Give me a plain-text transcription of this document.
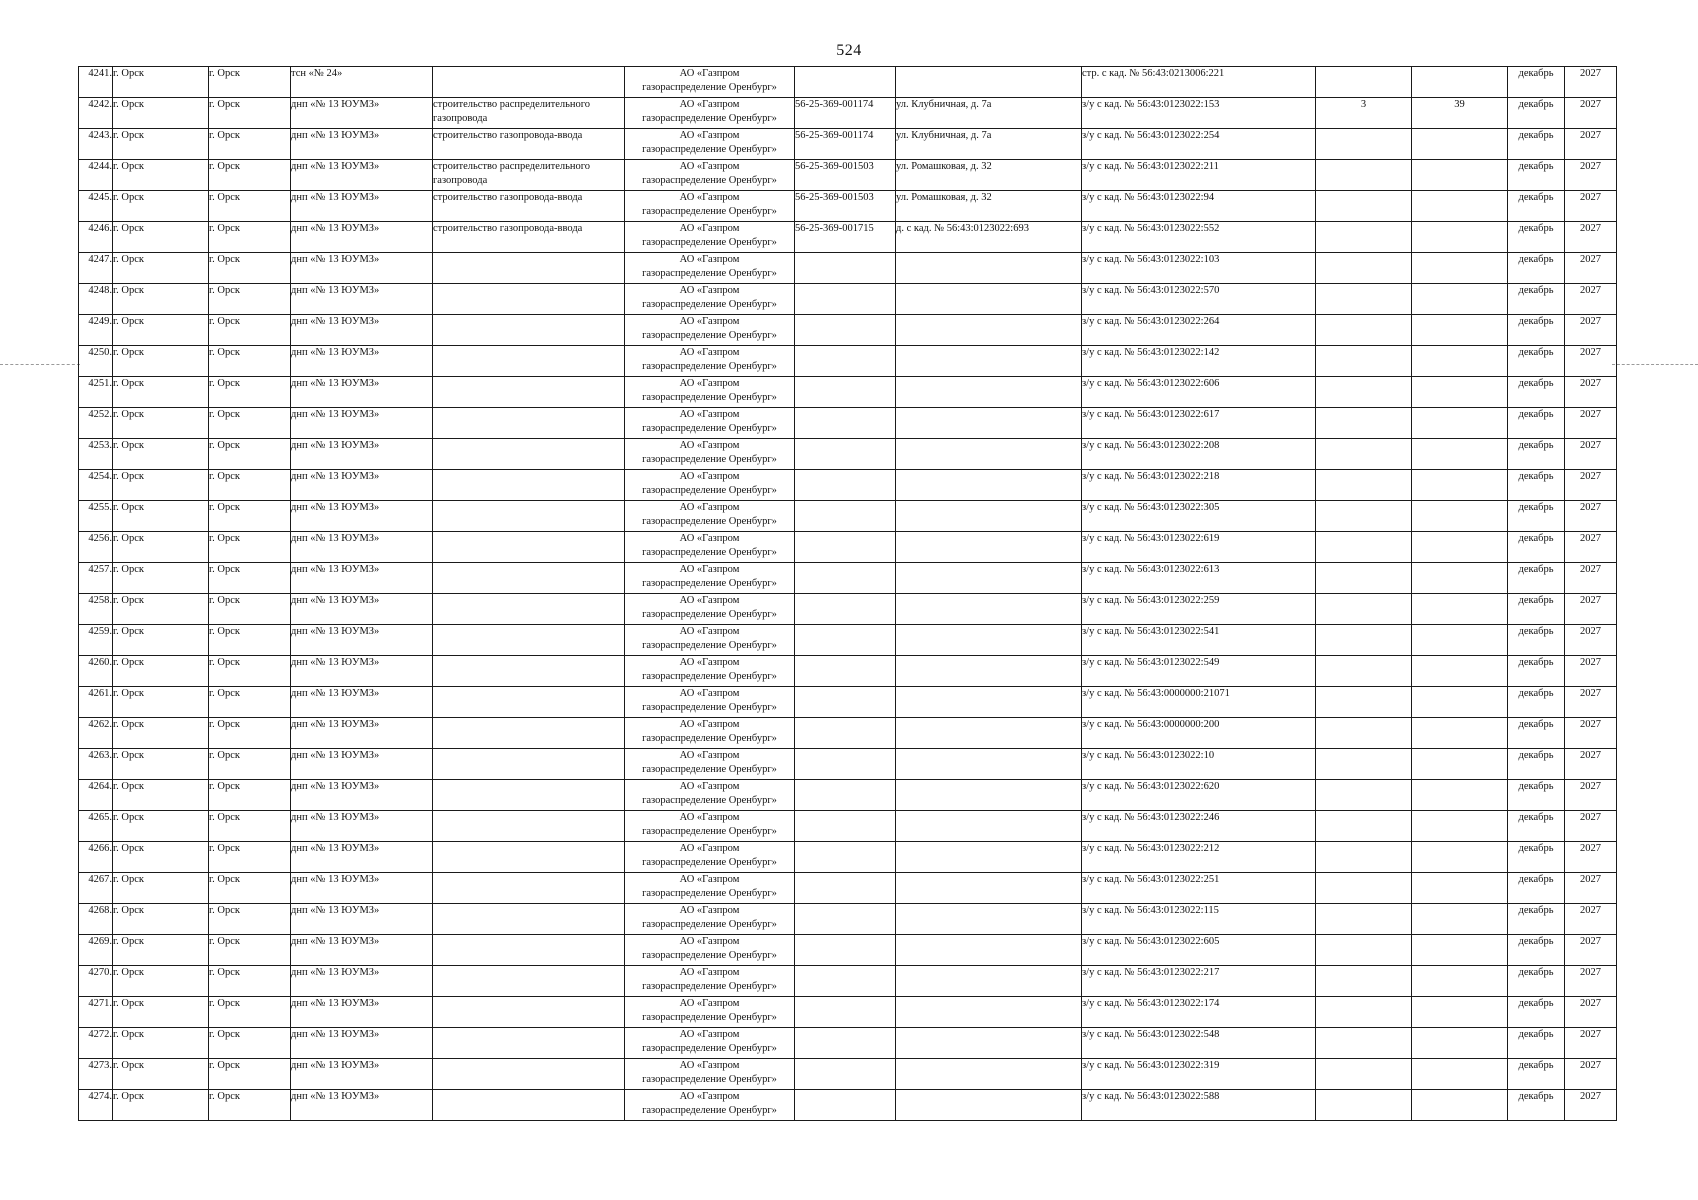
524
4241.	г. Орск	г. Орск	тсн «№ 24»		АО «Газпром
газораспределение Оренбург»			стр. с кад. № 56:43:0213006:221			декабрь	2027
4242.	г. Орск	г. Орск	днп «№ 13 ЮУМЗ»	строительство распределительного газопровода	АО «Газпром
газораспределение Оренбург»	56-25-369-001174	ул. Клубничная, д. 7а	з/у с кад. № 56:43:0123022:153	3	39	декабрь	2027
4243.	г. Орск	г. Орск	днп «№ 13 ЮУМЗ»	строительство газопровода-ввода	АО «Газпром
газораспределение Оренбург»	56-25-369-001174	ул. Клубничная, д. 7а	з/у с кад. № 56:43:0123022:254			декабрь	2027
4244.	г. Орск	г. Орск	днп «№ 13 ЮУМЗ»	строительство распределительного газопровода	АО «Газпром
газораспределение Оренбург»	56-25-369-001503	ул. Ромашковая, д. 32	з/у с кад. № 56:43:0123022:211			декабрь	2027
4245.	г. Орск	г. Орск	днп «№ 13 ЮУМЗ»	строительство газопровода-ввода	АО «Газпром
газораспределение Оренбург»	56-25-369-001503	ул. Ромашковая, д. 32	з/у с кад. № 56:43:0123022:94			декабрь	2027
4246.	г. Орск	г. Орск	днп «№ 13 ЮУМЗ»	строительство газопровода-ввода	АО «Газпром
газораспределение Оренбург»	56-25-369-001715	д. с кад. № 56:43:0123022:693	з/у с кад. № 56:43:0123022:552			декабрь	2027
4247.	г. Орск	г. Орск	днп «№ 13 ЮУМЗ»		АО «Газпром
газораспределение Оренбург»			з/у с кад. № 56:43:0123022:103			декабрь	2027
4248.	г. Орск	г. Орск	днп «№ 13 ЮУМЗ»		АО «Газпром
газораспределение Оренбург»			з/у с кад. № 56:43:0123022:570			декабрь	2027
4249.	г. Орск	г. Орск	днп «№ 13 ЮУМЗ»		АО «Газпром
газораспределение Оренбург»			з/у с кад. № 56:43:0123022:264			декабрь	2027
4250.	г. Орск	г. Орск	днп «№ 13 ЮУМЗ»		АО «Газпром
газораспределение Оренбург»			з/у с кад. № 56:43:0123022:142			декабрь	2027
4251.	г. Орск	г. Орск	днп «№ 13 ЮУМЗ»		АО «Газпром
газораспределение Оренбург»			з/у с кад. № 56:43:0123022:606			декабрь	2027
4252.	г. Орск	г. Орск	днп «№ 13 ЮУМЗ»		АО «Газпром
газораспределение Оренбург»			з/у с кад. № 56:43:0123022:617			декабрь	2027
4253.	г. Орск	г. Орск	днп «№ 13 ЮУМЗ»		АО «Газпром
газораспределение Оренбург»			з/у с кад. № 56:43:0123022:208			декабрь	2027
4254.	г. Орск	г. Орск	днп «№ 13 ЮУМЗ»		АО «Газпром
газораспределение Оренбург»			з/у с кад. № 56:43:0123022:218			декабрь	2027
4255.	г. Орск	г. Орск	днп «№ 13 ЮУМЗ»		АО «Газпром
газораспределение Оренбург»			з/у с кад. № 56:43:0123022:305			декабрь	2027
4256.	г. Орск	г. Орск	днп «№ 13 ЮУМЗ»		АО «Газпром
газораспределение Оренбург»			з/у с кад. № 56:43:0123022:619			декабрь	2027
4257.	г. Орск	г. Орск	днп «№ 13 ЮУМЗ»		АО «Газпром
газораспределение Оренбург»			з/у с кад. № 56:43:0123022:613			декабрь	2027
4258.	г. Орск	г. Орск	днп «№ 13 ЮУМЗ»		АО «Газпром
газораспределение Оренбург»			з/у с кад. № 56:43:0123022:259			декабрь	2027
4259.	г. Орск	г. Орск	днп «№ 13 ЮУМЗ»		АО «Газпром
газораспределение Оренбург»			з/у с кад. № 56:43:0123022:541			декабрь	2027
4260.	г. Орск	г. Орск	днп «№ 13 ЮУМЗ»		АО «Газпром
газораспределение Оренбург»			з/у с кад. № 56:43:0123022:549			декабрь	2027
4261.	г. Орск	г. Орск	днп «№ 13 ЮУМЗ»		АО «Газпром
газораспределение Оренбург»			з/у с кад. № 56:43:0000000:21071			декабрь	2027
4262.	г. Орск	г. Орск	днп «№ 13 ЮУМЗ»		АО «Газпром
газораспределение Оренбург»			з/у с кад. № 56:43:0000000:200			декабрь	2027
4263.	г. Орск	г. Орск	днп «№ 13 ЮУМЗ»		АО «Газпром
газораспределение Оренбург»			з/у с кад. № 56:43:0123022:10			декабрь	2027
4264.	г. Орск	г. Орск	днп «№ 13 ЮУМЗ»		АО «Газпром
газораспределение Оренбург»			з/у с кад. № 56:43:0123022:620			декабрь	2027
4265.	г. Орск	г. Орск	днп «№ 13 ЮУМЗ»		АО «Газпром
газораспределение Оренбург»			з/у с кад. № 56:43:0123022:246			декабрь	2027
4266.	г. Орск	г. Орск	днп «№ 13 ЮУМЗ»		АО «Газпром
газораспределение Оренбург»			з/у с кад. № 56:43:0123022:212			декабрь	2027
4267.	г. Орск	г. Орск	днп «№ 13 ЮУМЗ»		АО «Газпром
газораспределение Оренбург»			з/у с кад. № 56:43:0123022:251			декабрь	2027
4268.	г. Орск	г. Орск	днп «№ 13 ЮУМЗ»		АО «Газпром
газораспределение Оренбург»			з/у с кад. № 56:43:0123022:115			декабрь	2027
4269.	г. Орск	г. Орск	днп «№ 13 ЮУМЗ»		АО «Газпром
газораспределение Оренбург»			з/у с кад. № 56:43:0123022:605			декабрь	2027
4270.	г. Орск	г. Орск	днп «№ 13 ЮУМЗ»		АО «Газпром
газораспределение Оренбург»			з/у с кад. № 56:43:0123022:217			декабрь	2027
4271.	г. Орск	г. Орск	днп «№ 13 ЮУМЗ»		АО «Газпром
газораспределение Оренбург»			з/у с кад. № 56:43:0123022:174			декабрь	2027
4272.	г. Орск	г. Орск	днп «№ 13 ЮУМЗ»		АО «Газпром
газораспределение Оренбург»			з/у с кад. № 56:43:0123022:548			декабрь	2027
4273.	г. Орск	г. Орск	днп «№ 13 ЮУМЗ»		АО «Газпром
газораспределение Оренбург»			з/у с кад. № 56:43:0123022:319			декабрь	2027
4274.	г. Орск	г. Орск	днп «№ 13 ЮУМЗ»		АО «Газпром
газораспределение Оренбург»			з/у с кад. № 56:43:0123022:588			декабрь	2027
